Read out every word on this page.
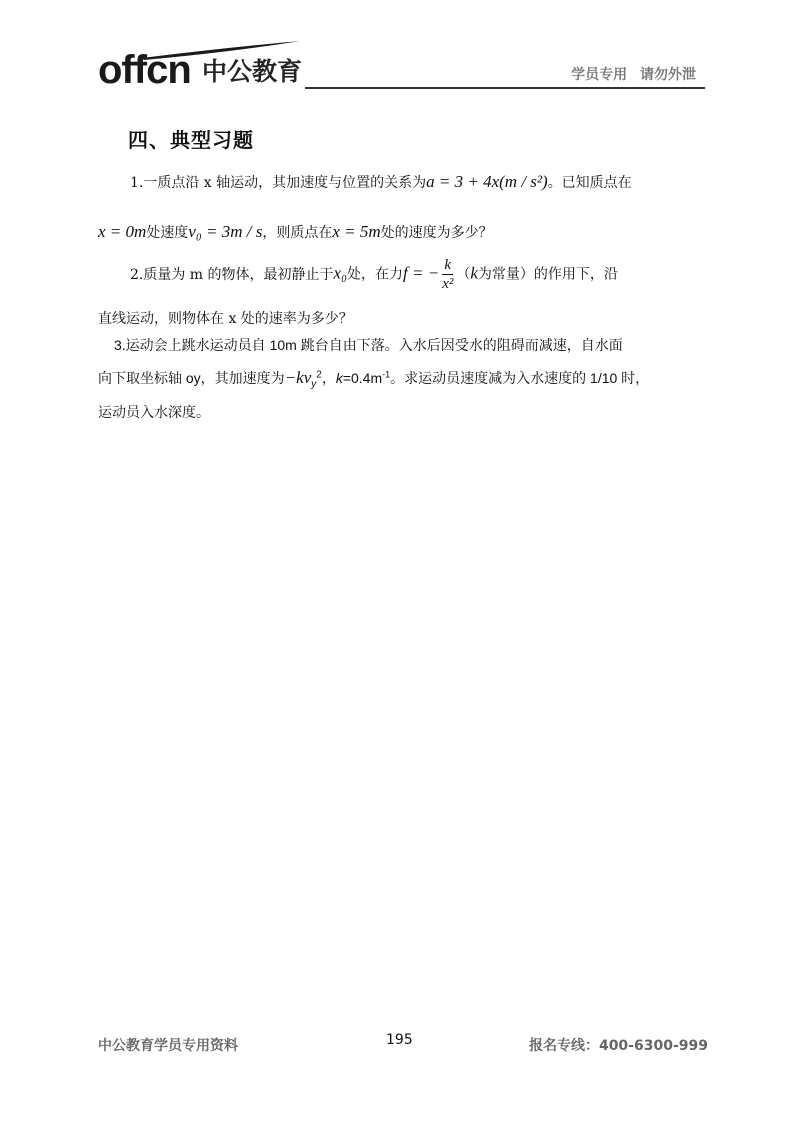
offcn 中公教育	学员专用 请勿外泄
四、典型习题
1.一质点沿 x 轴运动，其加速度与位置的关系为a = 3 + 4x(m / s²)。已知质点在
x = 0m处速度v₀ = 3m / s，则质点在x = 5m处的速度为多少？
2.质量为 m 的物体，最初静止于x₀处，在力f = − $\frac{k}{\text{x²}} (k$为常量）的作用下，沿
直线运动，则物体在 x 处的速率为多少？
3.运动会上跳水运动员自 10m 跳台自由下落。入水后因受水的阻碍而减速，自水面
向下取坐标轴 oy，其加速度为$-kv_y^2$，$k=0.4m^{-1}$。求运动员速度减为入水速度的 1/10 时，
运动员入水深度。
中公教育学员专用资料	195	报名专线：400-6300-999
